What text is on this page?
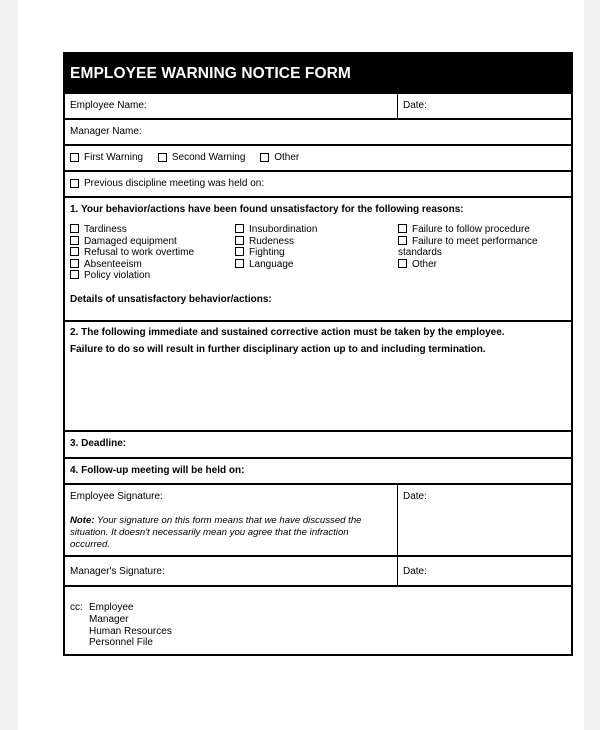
EMPLOYEE WARNING NOTICE FORM
Employee Name:	Date:
Manager Name:
First Warning
	Second Warning
	Other
Previous discipline meeting was held on:
1. Your behavior/actions have been found unsatisfactory for the following reasons:
Tardiness
Damaged equipment
Refusal to work overtime
Absenteeism
Policy violation
Insubordination
Rudeness
Fighting
Language
Failure to follow procedure
Failure to meet performance
standards
Other
Details of unsatisfactory behavior/actions:
2. The following immediate and sustained corrective action must be taken by the employee.
Failure to do so will result in further disciplinary action up to and including termination.
3. Deadline:
4. Follow-up meeting will be held on:
Employee Signature:
Note: Your signature on this form means that we have discussed the situation. It doesn't necessarily mean you agree that the infraction occurred.
Date:
Manager's Signature:	Date:
cc: Employee
Manager
Human Resources
Personnel File
